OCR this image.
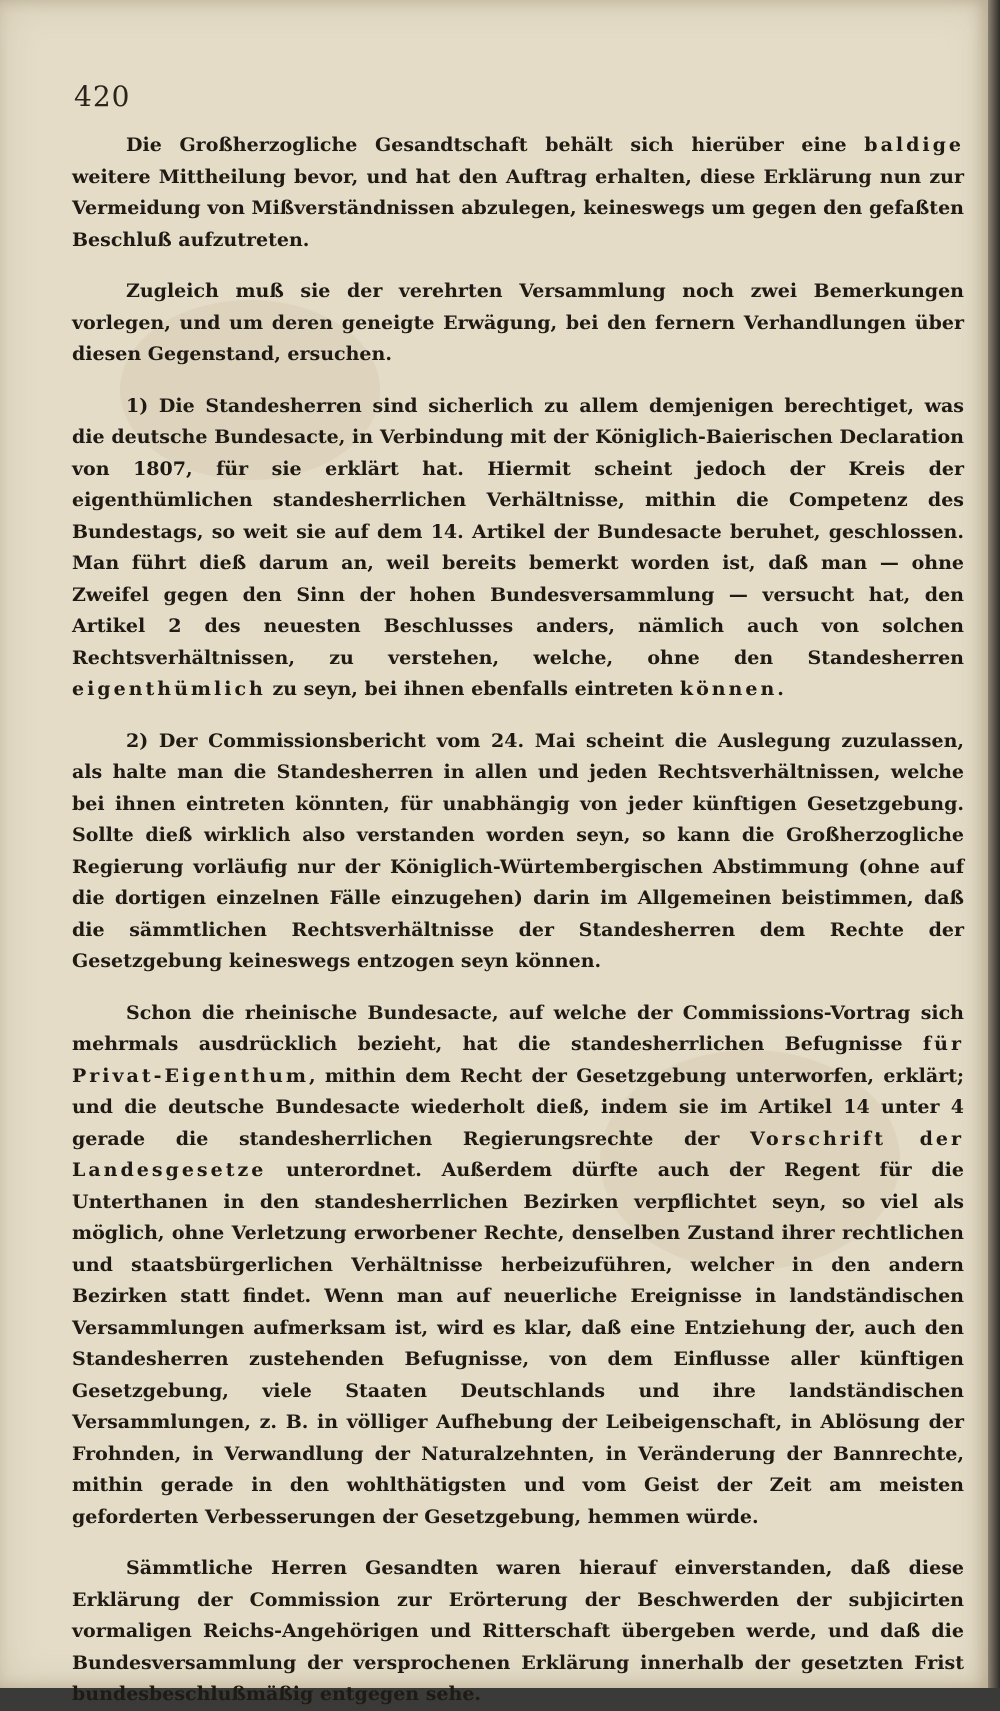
420

Die Großherzogliche Gesandtschaft behält sich hierüber eine baldige weitere Mittheilung bevor, und hat den Auftrag erhalten, diese Erklärung nun zur Vermeidung von Mißverständnissen abzulegen, keineswegs um gegen den gefaßten Beschluß aufzutreten.

Zugleich muß sie der verehrten Versammlung noch zwei Bemerkungen vorlegen, und um deren geneigte Erwägung, bei den fernern Verhandlungen über diesen Gegenstand, ersuchen.

1) Die Standesherren sind sicherlich zu allem demjenigen berechtiget, was die deutsche Bundesacte, in Verbindung mit der Königlich-Baierischen Declaration von 1807, für sie erklärt hat. Hiermit scheint jedoch der Kreis der eigenthümlichen standesherrlichen Verhältnisse, mithin die Competenz des Bundestags, so weit sie auf dem 14. Artikel der Bundesacte beruhet, geschlossen. Man führt dieß darum an, weil bereits bemerkt worden ist, daß man — ohne Zweifel gegen den Sinn der hohen Bundesversammlung — versucht hat, den Artikel 2 des neuesten Beschlusses anders, nämlich auch von solchen Rechtsverhältnissen, zu verstehen, welche, ohne den Standesherren eigenthümlich zu seyn, bei ihnen ebenfalls eintreten können.

2) Der Commissionsbericht vom 24. Mai scheint die Auslegung zuzulassen, als halte man die Standesherren in allen und jeden Rechtsverhältnissen, welche bei ihnen eintreten könnten, für unabhängig von jeder künftigen Gesetzgebung. Sollte dieß wirklich also verstanden worden seyn, so kann die Großherzogliche Regierung vorläufig nur der Königlich-Würtembergischen Abstimmung (ohne auf die dortigen einzelnen Fälle einzugehen) darin im Allgemeinen beistimmen, daß die sämmtlichen Rechtsverhältnisse der Standesherren dem Rechte der Gesetzgebung keineswegs entzogen seyn können.

Schon die rheinische Bundesacte, auf welche der Commissions-Vortrag sich mehrmals ausdrücklich bezieht, hat die standesherrlichen Befugnisse für Privat-Eigenthum, mithin dem Recht der Gesetzgebung unterworfen, erklärt; und die deutsche Bundesacte wiederholt dieß, indem sie im Artikel 14 unter 4 gerade die standesherrlichen Regierungsrechte der Vorschrift der Landesgesetze unterordnet. Außerdem dürfte auch der Regent für die Unterthanen in den standesherrlichen Bezirken verpflichtet seyn, so viel als möglich, ohne Verletzung erworbener Rechte, denselben Zustand ihrer rechtlichen und staatsbürgerlichen Verhältnisse herbeizuführen, welcher in den andern Bezirken statt findet. Wenn man auf neuerliche Ereignisse in landständischen Versammlungen aufmerksam ist, wird es klar, daß eine Entziehung der, auch den Standesherren zustehenden Befugnisse, von dem Einflusse aller künftigen Gesetzgebung, viele Staaten Deutschlands und ihre landständischen Versammlungen, z. B. in völliger Aufhebung der Leibeigenschaft, in Ablösung der Frohnden, in Verwandlung der Naturalzehnten, in Veränderung der Bannrechte, mithin gerade in den wohlthätigsten und vom Geist der Zeit am meisten geforderten Verbesserungen der Gesetzgebung, hemmen würde.

Sämmtliche Herren Gesandten waren hierauf einverstanden, daß diese Erklärung der Commission zur Erörterung der Beschwerden der subjicirten vormaligen Reichs-Angehörigen und Ritterschaft übergeben werde, und daß die Bundesversammlung der versprochenen Erklärung innerhalb der gesetzten Frist bundesbeschlußmäßig entgegen sehe.
